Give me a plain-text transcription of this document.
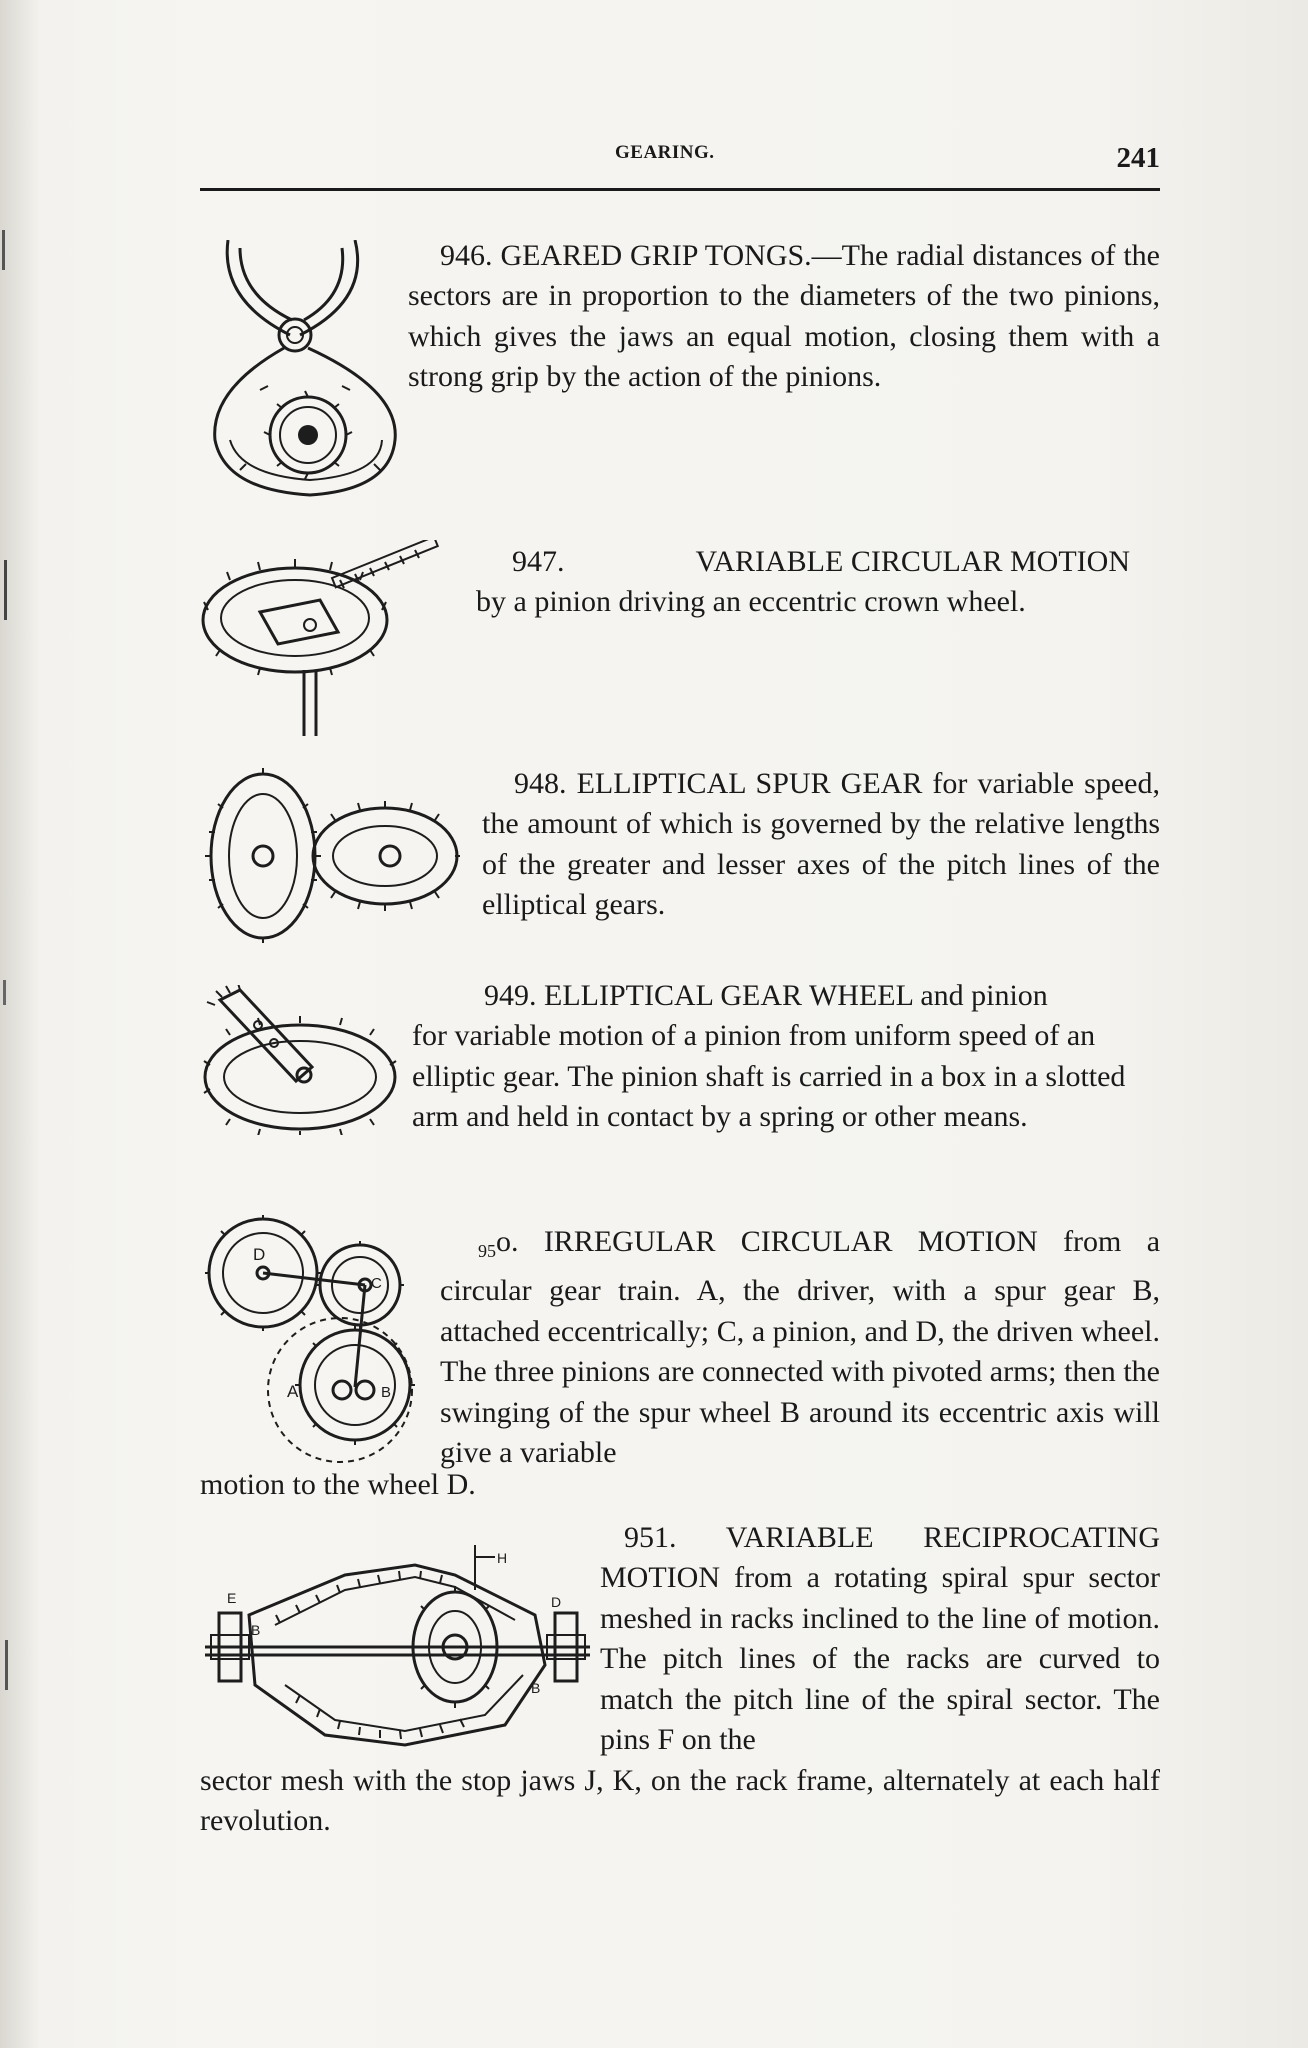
GEARING.	241
946. GEARED GRIP TONGS.—The radial distances of the sectors are in proportion to the diameters of the two pinions, which gives the jaws an equal motion, closing them with a strong grip by the action of the pinions.
947.	VARIABLE CIRCULAR MOTION
by a pinion driving an eccentric crown wheel.
948. ELLIPTICAL SPUR GEAR for variable speed, the amount of which is governed by the relative lengths of the greater and lesser axes of the pitch lines of the elliptical gears.
949. ELLIPTICAL GEAR WHEEL and pinion
for variable motion of a pinion from uniform speed of an elliptic gear. The pinion shaft is carried in a box in a slotted arm and held in contact by a spring or other means.
D
C
A	B
$_{95}$o. IRREGULAR CIRCULAR MOTION from a circular gear train. A, the driver, with a spur gear B, attached eccentrically; C, a pinion, and D, the driven wheel. The three pinions are connected with pivoted arms; then the swinging of the spur wheel B around its eccentric axis will give a variable
motion to the wheel D.
E
B
H
D
B
951. VARIABLE RECIPROCATING MOTION from a rotating spiral spur sector meshed in racks inclined to the line of motion. The pitch lines of the racks are curved to match the pitch line of the spiral sector. The pins F on the
sector mesh with the stop jaws J, K, on the rack frame, alternately at each half revolution.
